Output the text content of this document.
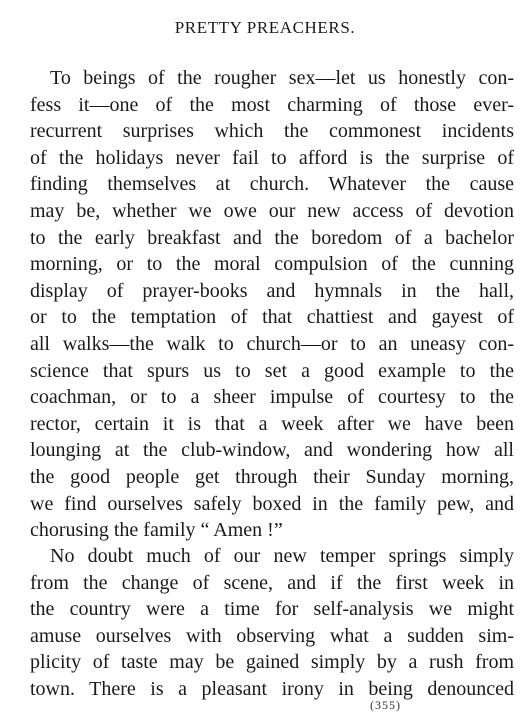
PRETTY PREACHERS.
To beings of the rougher sex—let us honestly con-
fess it—one of the most charming of those ever-
recurrent surprises which the commonest incidents
of the holidays never fail to afford is the surprise of
finding themselves at church. Whatever the cause
may be, whether we owe our new access of devotion
to the early breakfast and the boredom of a bachelor
morning, or to the moral compulsion of the cunning
display of prayer-books and hymnals in the hall,
or to the temptation of that chattiest and gayest of
all walks—the walk to church—or to an uneasy con-
science that spurs us to set a good example to the
coachman, or to a sheer impulse of courtesy to the
rector, certain it is that a week after we have been
lounging at the club-window, and wondering how all
the good people get through their Sunday morning,
we find ourselves safely boxed in the family pew, and
chorusing the family “ Amen !”
No doubt much of our new temper springs simply
from the change of scene, and if the first week in
the country were a time for self-analysis we might
amuse ourselves with observing what a sudden sim-
plicity of taste may be gained simply by a rush from
town. There is a pleasant irony in being denounced
(355)
